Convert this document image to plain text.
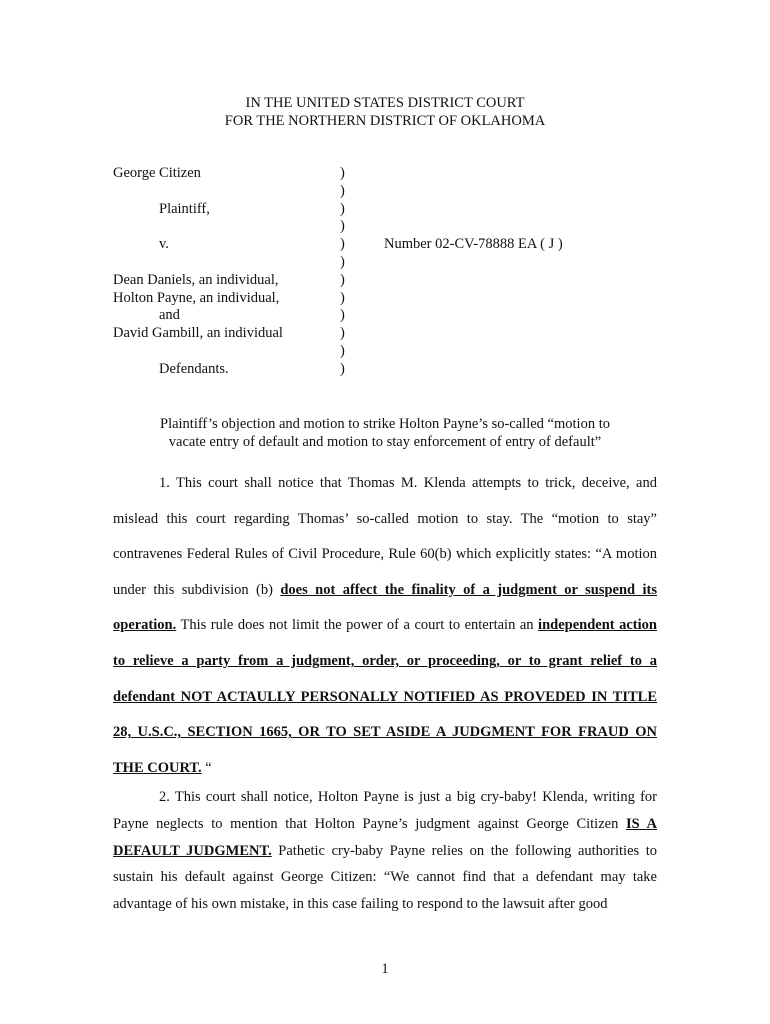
IN THE UNITED STATES DISTRICT COURT
FOR THE NORTHERN DISTRICT OF OKLAHOMA
George Citizen
Plaintiff,
v.
Dean Daniels, an individual,
Holton Payne, an individual,
and
David Gambill, an individual
Defendants.
)
)
)
)
)
)
)
)
)
)
)
)
Number 02-CV-78888 EA ( J )
Plaintiff’s objection and motion to strike Holton Payne’s so-called “motion to
vacate entry of default and motion to stay enforcement of entry of default”

1. This court shall notice that Thomas M. Klenda attempts to trick, deceive, and mislead this court regarding Thomas’ so-called motion to stay. The “motion to stay” contravenes Federal Rules of Civil Procedure, Rule 60(b) which explicitly states: “A motion under this subdivision (b) does not affect the finality of a judgment or suspend its operation. This rule does not limit the power of a court to entertain an independent action to relieve a party from a judgment, order, or proceeding, or to grant relief to a defendant NOT ACTAULLY PERSONALLY NOTIFIED AS PROVEDED IN TITLE 28, U.S.C., SECTION 1665, OR TO SET ASIDE A JUDGMENT FOR FRAUD ON THE COURT. “

2. This court shall notice, Holton Payne is just a big cry-baby! Klenda, writing for Payne neglects to mention that Holton Payne’s judgment against George Citizen IS A DEFAULT JUDGMENT. Pathetic cry-baby Payne relies on the following authorities to sustain his default against George Citizen: “We cannot find that a defendant may take advantage of his own mistake, in this case failing to respond to the lawsuit after good

1
